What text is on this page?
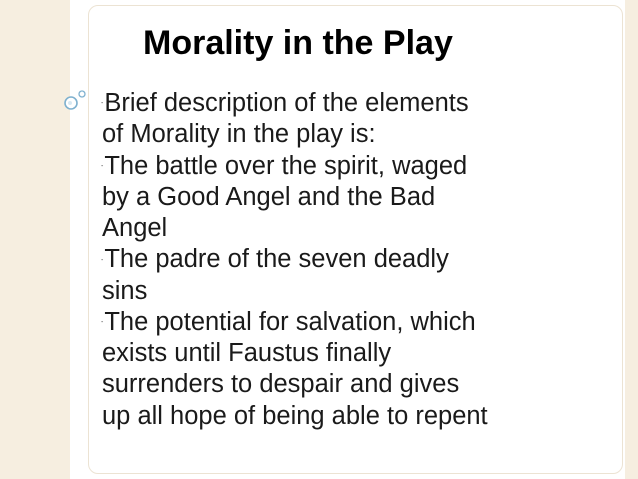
Morality in the Play
-Brief description of the elements
of Morality in the play is:
-The battle over the spirit, waged
by a Good Angel and the Bad
Angel
-The padre of the seven deadly
sins
-The potential for salvation, which
exists until Faustus finally
surrenders to despair and gives
up all hope of being able to repent
